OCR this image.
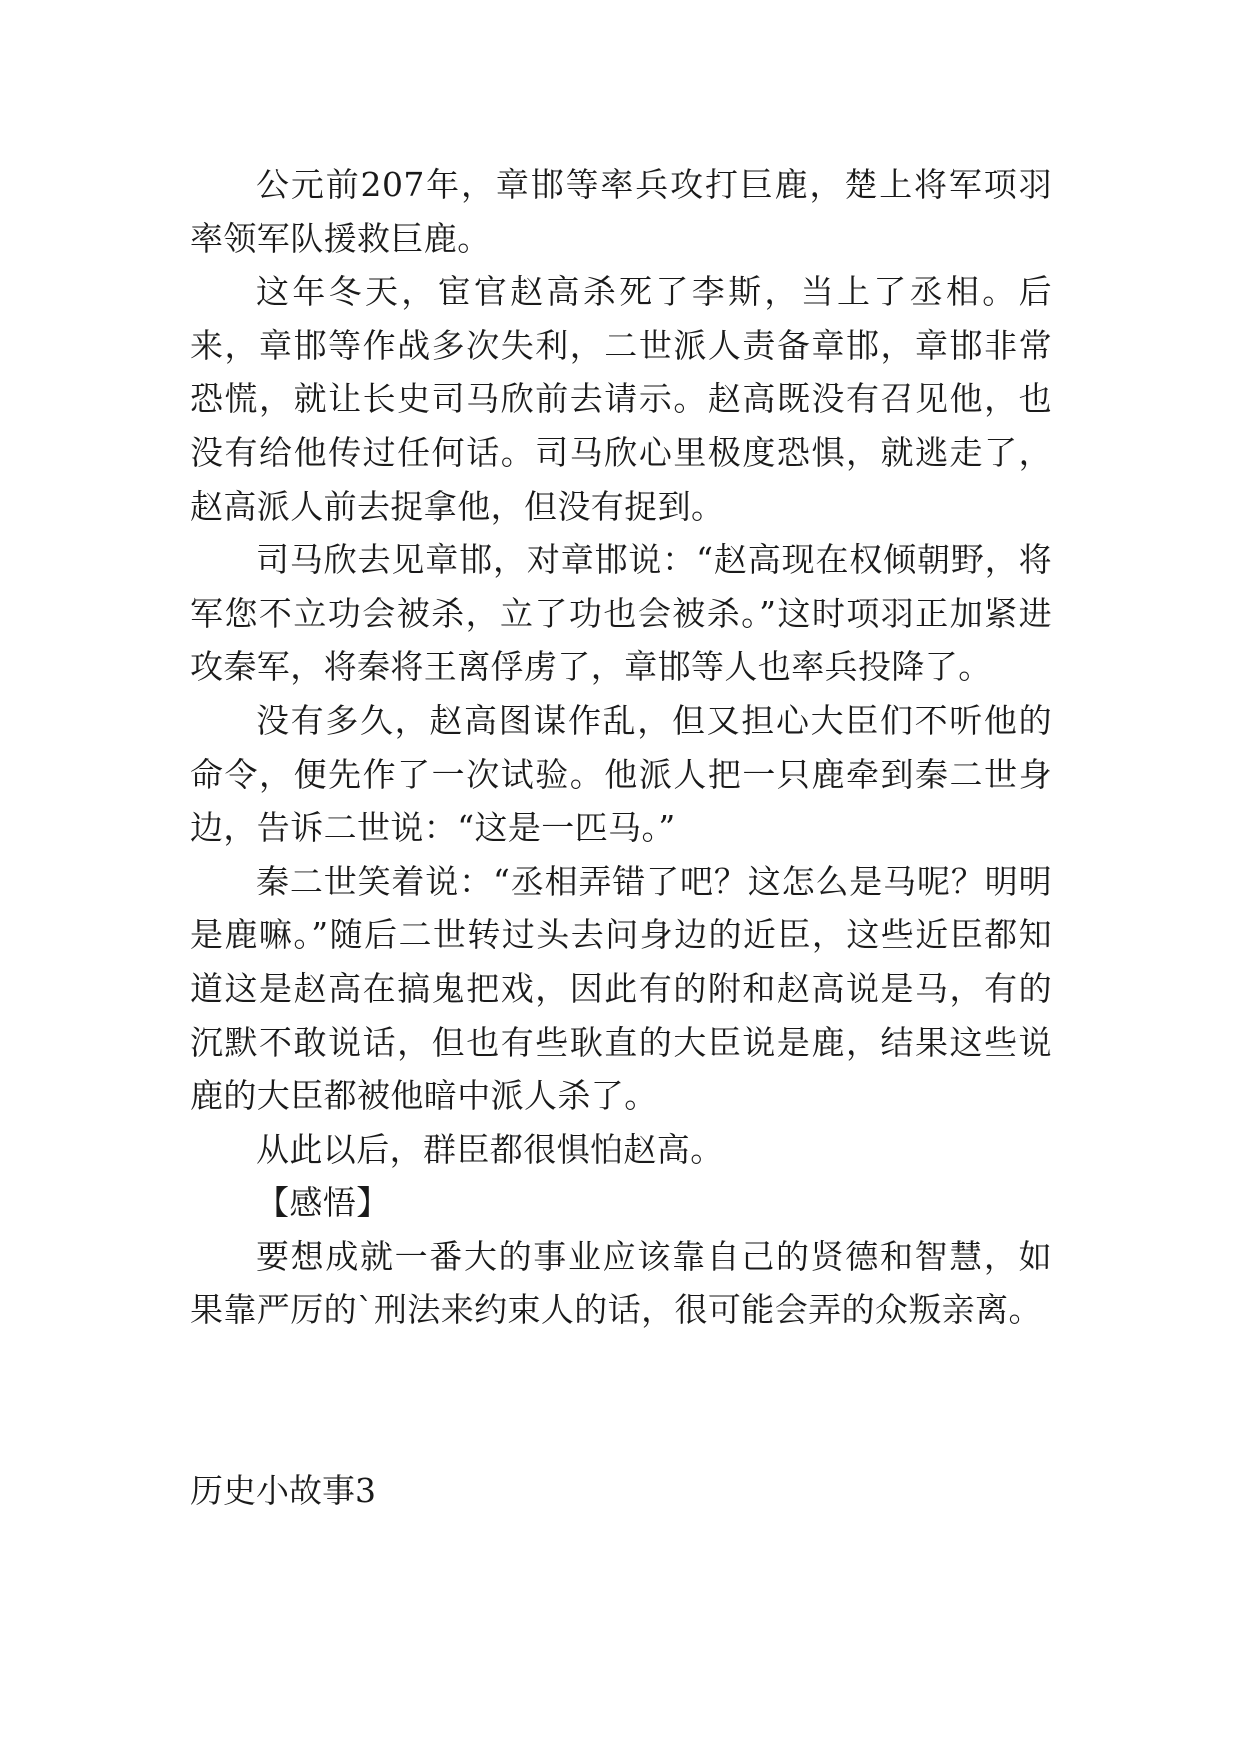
公元前207年，章邯等率兵攻打巨鹿，楚上将军项羽率领军队援救巨鹿。

这年冬天，宦官赵高杀死了李斯，当上了丞相。后来，章邯等作战多次失利，二世派人责备章邯，章邯非常恐慌，就让长史司马欣前去请示。赵高既没有召见他，也没有给他传过任何话。司马欣心里极度恐惧，就逃走了，赵高派人前去捉拿他，但没有捉到。

司马欣去见章邯，对章邯说：“赵高现在权倾朝野，将军您不立功会被杀，立了功也会被杀。”这时项羽正加紧进攻秦军，将秦将王离俘虏了，章邯等人也率兵投降了。

没有多久，赵高图谋作乱，但又担心大臣们不听他的命令，便先作了一次试验。他派人把一只鹿牵到秦二世身边，告诉二世说：“这是一匹马。”

秦二世笑着说：“丞相弄错了吧？这怎么是马呢？明明是鹿嘛。”随后二世转过头去问身边的近臣，这些近臣都知道这是赵高在搞鬼把戏，因此有的附和赵高说是马，有的沉默不敢说话，但也有些耿直的大臣说是鹿，结果这些说鹿的大臣都被他暗中派人杀了。

从此以后，群臣都很惧怕赵高。

【感悟】

要想成就一番大的事业应该靠自己的贤德和智慧，如果靠严厉的`刑法来约束人的话，很可能会弄的众叛亲离。

历史小故事3
